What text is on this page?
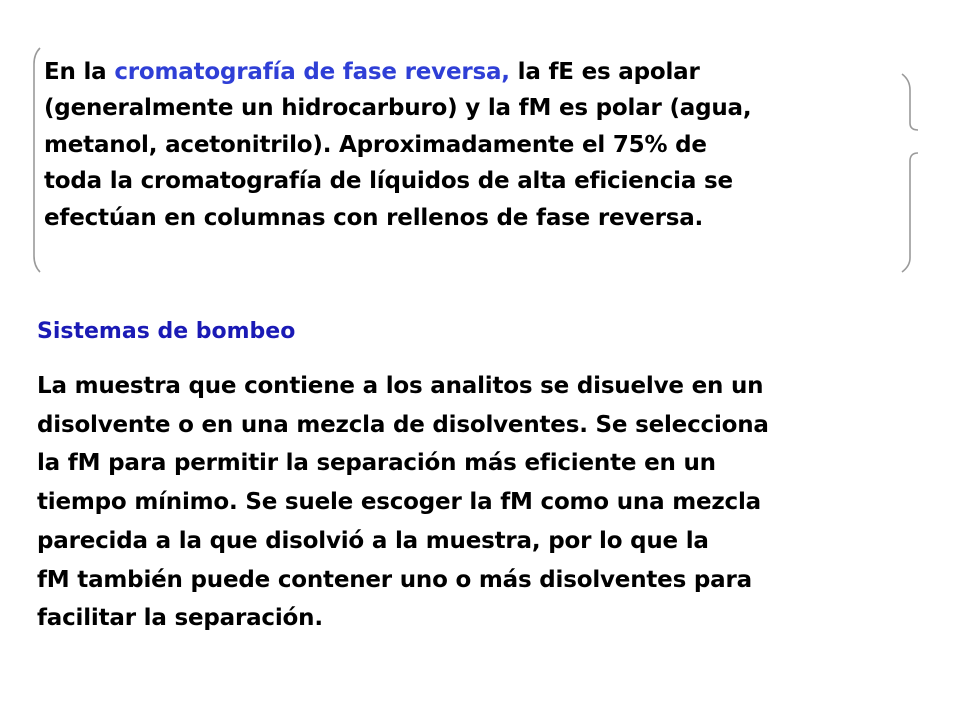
En la cromatografía de fase reversa, la fE es apolar
(generalmente un hidrocarburo) y la fM es polar (agua,
metanol, acetonitrilo). Aproximadamente el 75% de
toda la cromatografía de líquidos de alta eficiencia se
efectúan en columnas con rellenos de fase reversa.

Sistemas de bombeo

La muestra que contiene a los analitos se disuelve en un
disolvente o en una mezcla de disolventes. Se selecciona
la fM para permitir la separación más eficiente en un
tiempo mínimo. Se suele escoger la fM como una mezcla
parecida a la que disolvió a la muestra, por lo que la
fM también puede contener uno o más disolventes para
facilitar la separación.
